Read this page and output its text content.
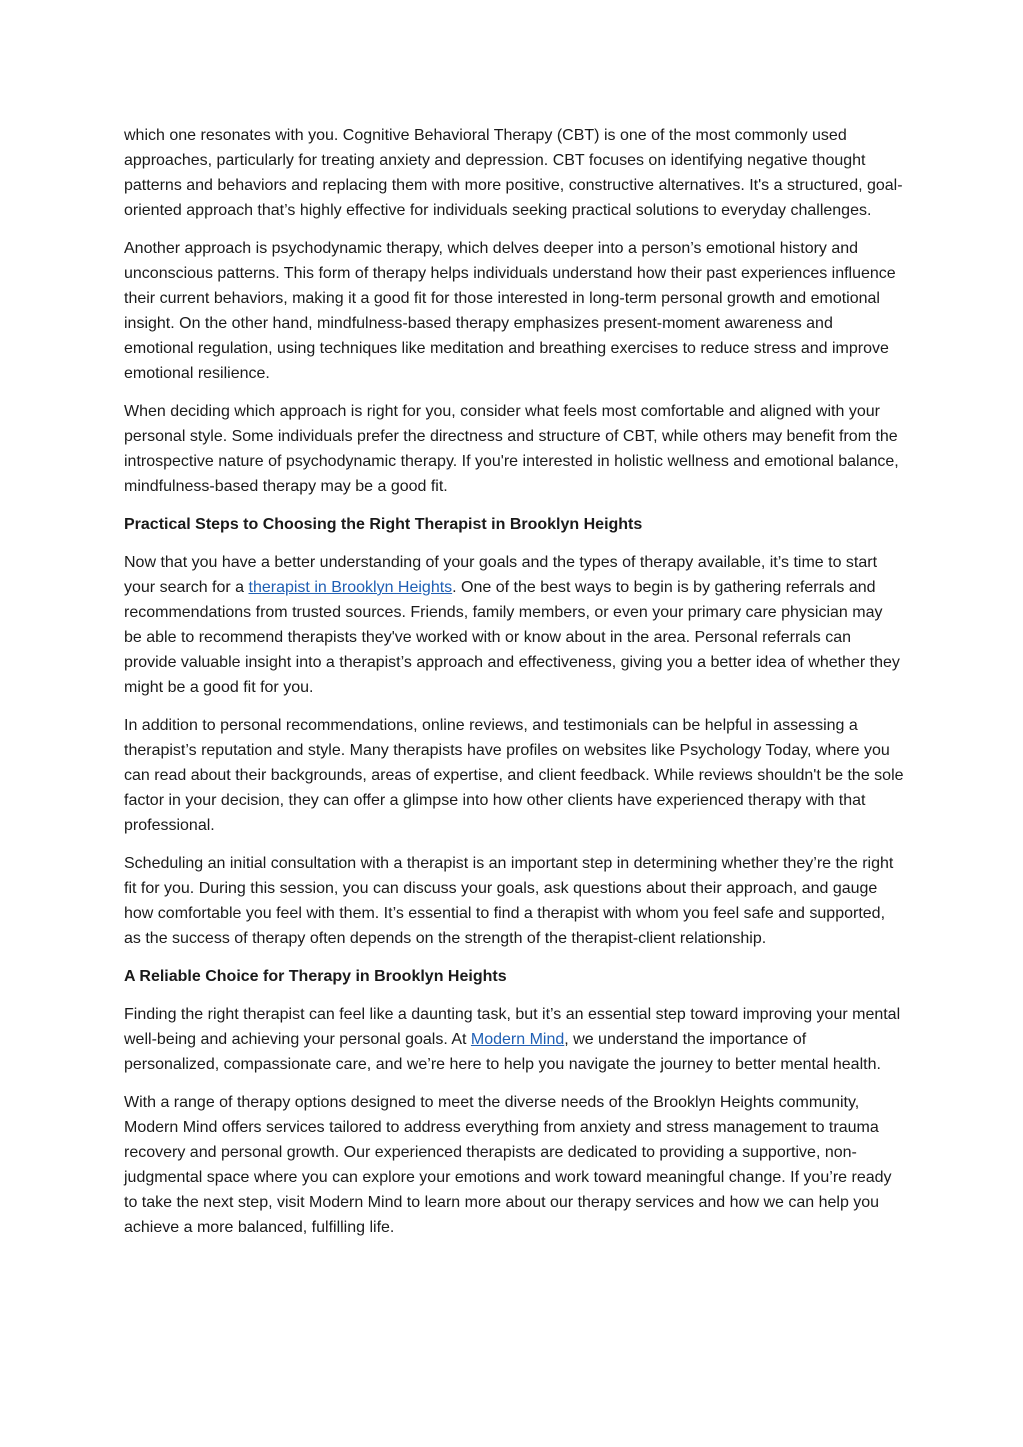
which one resonates with you. Cognitive Behavioral Therapy (CBT) is one of the most commonly used approaches, particularly for treating anxiety and depression. CBT focuses on identifying negative thought patterns and behaviors and replacing them with more positive, constructive alternatives. It's a structured, goal-oriented approach that’s highly effective for individuals seeking practical solutions to everyday challenges.

Another approach is psychodynamic therapy, which delves deeper into a person’s emotional history and unconscious patterns. This form of therapy helps individuals understand how their past experiences influence their current behaviors, making it a good fit for those interested in long-term personal growth and emotional insight. On the other hand, mindfulness-based therapy emphasizes present-moment awareness and emotional regulation, using techniques like meditation and breathing exercises to reduce stress and improve emotional resilience.

When deciding which approach is right for you, consider what feels most comfortable and aligned with your personal style. Some individuals prefer the directness and structure of CBT, while others may benefit from the introspective nature of psychodynamic therapy. If you're interested in holistic wellness and emotional balance, mindfulness-based therapy may be a good fit.

Practical Steps to Choosing the Right Therapist in Brooklyn Heights

Now that you have a better understanding of your goals and the types of therapy available, it’s time to start your search for a therapist in Brooklyn Heights. One of the best ways to begin is by gathering referrals and recommendations from trusted sources. Friends, family members, or even your primary care physician may be able to recommend therapists they've worked with or know about in the area. Personal referrals can provide valuable insight into a therapist’s approach and effectiveness, giving you a better idea of whether they might be a good fit for you.

In addition to personal recommendations, online reviews, and testimonials can be helpful in assessing a therapist’s reputation and style. Many therapists have profiles on websites like Psychology Today, where you can read about their backgrounds, areas of expertise, and client feedback. While reviews shouldn't be the sole factor in your decision, they can offer a glimpse into how other clients have experienced therapy with that professional.

Scheduling an initial consultation with a therapist is an important step in determining whether they’re the right fit for you. During this session, you can discuss your goals, ask questions about their approach, and gauge how comfortable you feel with them. It’s essential to find a therapist with whom you feel safe and supported, as the success of therapy often depends on the strength of the therapist-client relationship.

A Reliable Choice for Therapy in Brooklyn Heights

Finding the right therapist can feel like a daunting task, but it’s an essential step toward improving your mental well-being and achieving your personal goals. At Modern Mind, we understand the importance of personalized, compassionate care, and we’re here to help you navigate the journey to better mental health.

With a range of therapy options designed to meet the diverse needs of the Brooklyn Heights community, Modern Mind offers services tailored to address everything from anxiety and stress management to trauma recovery and personal growth. Our experienced therapists are dedicated to providing a supportive, non-judgmental space where you can explore your emotions and work toward meaningful change. If you’re ready to take the next step, visit Modern Mind to learn more about our therapy services and how we can help you achieve a more balanced, fulfilling life.
